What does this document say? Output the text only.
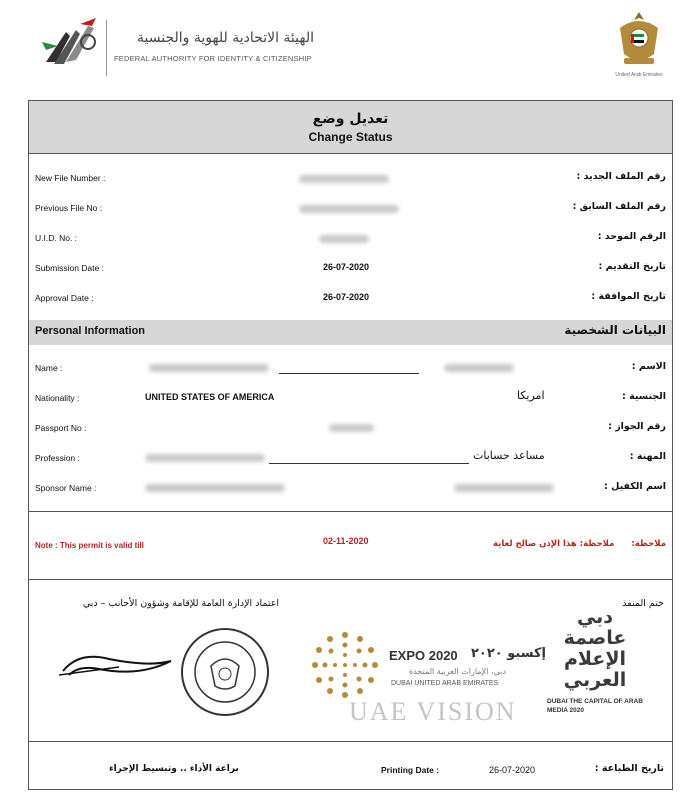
الهيئة الاتحادية للهوية والجنسية
FEDERAL AUTHORITY FOR IDENTITY & CITIZENSHIP
United Arab Emirates
تعديل وضع
Change Status
New File Number :	رقم الملف الجديد :
Previous File No :	رقم الملف السابق :
U.I.D. No. :	الرقم الموحد :
Submission Date :	26-07-2020	تاريخ التقديم :
Approval Date :	26-07-2020	تاريخ الموافقة :
Personal Information	البيانات الشخصية
Name :	الاسم :
Nationality :	UNITED STATES OF AMERICA	امريكا	الجنسية :
Passport No :	رقم الجواز :
Profession :	مساعد حسابات	المهنة :
Sponsor Name :	اسم الكفيل :
Note : This permit is valid till	02-11-2020	ملاحظة: هذا الإذن صالح لغاية ملاحظة:
اعتماد الإدارة العامة للإقامة وشؤون الأجانب – دبي	ختم المنفذ
EXPO 2020 إكسبو ٢٠٢٠
دبي، الإمارات العربية المتحدة
DUBAI UNITED ARAB EMIRATES
دبي
عاصمة
الإعلام
العربي
DUBAI THE CAPITAL OF ARAB MEDIA 2020
UAE VISION
براعة الأداء .. وتبسيط الإجراء	Printing Date :	26-07-2020	تاريخ الطباعة :
